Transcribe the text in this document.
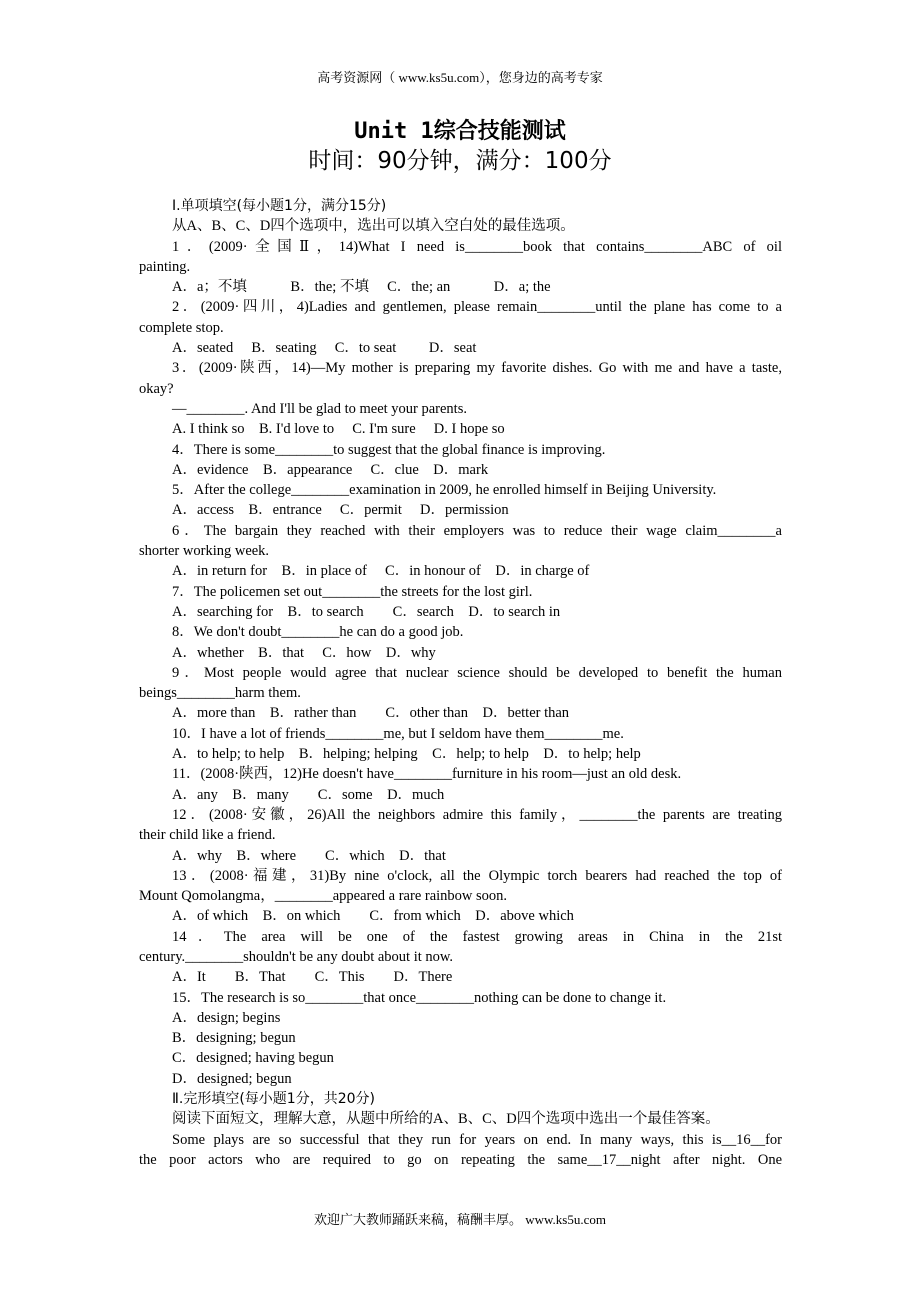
高考资源网（ www.ks5u.com），您身边的高考专家
Unit 1综合技能测试
时间：90分钟，满分：100分
Ⅰ.单项填空(每小题1分，满分15分)
从A、B、C、D四个选项中，选出可以填入空白处的最佳选项。
1．(2009·全国Ⅱ，14)What I need is________book that contains________ABC of oil
painting.
A．a；不填　　　B．the; 不填　 C．the; an　　　D．a; the
2．(2009·四川，4)Ladies and gentlemen, please remain________until the plane has come to a
complete stop.
A．seated　 B．seating　 C．to seat　　 D．seat
3．(2009·陕西，14)—My mother is preparing my favorite dishes. Go with me and have a taste,
okay?
—________. And I'll be glad to meet your parents.
A. I think so　B. I'd love to　 C. I'm sure　 D. I hope so
4．There is some________to suggest that the global finance is improving.
A．evidence　B．appearance　 C．clue　D．mark
5．After the college________examination in 2009, he enrolled himself in Beijing University.
A．access　B．entrance　 C．permit　 D．permission
6．The bargain they reached with their employers was to reduce their wage claim________a
shorter working week.
A．in return for　B．in place of　 C．in honour of　D．in charge of
7．The policemen set out________the streets for the lost girl.
A．searching for　B．to search　　C．search　D．to search in
8．We don't doubt________he can do a good job.
A．whether　B．that　 C．how　D．why
9．Most people would agree that nuclear science should be developed to benefit the human
beings________harm them.
A．more than　B．rather than　　C．other than　D．better than
10．I have a lot of friends________me, but I seldom have them________me.
A．to help; to help　B．helping; helping　C．help; to help　D．to help; help
11．(2008·陕西，12)He doesn't have________furniture in his room—just an old desk.
A．any　B．many　　C．some　D．much
12．(2008·安徽，26)All the neighbors admire this family，________the parents are treating
their child like a friend.
A．why　B．where　　C．which　D．that
13．(2008·福建，31)By nine o'clock, all the Olympic torch bearers had reached the top of
Mount Qomolangma，________appeared a rare rainbow soon.
A．of which　B．on which　　C．from which　D．above which
14．The area will be one of the fastest growing areas in China in the 21st
century.________shouldn't be any doubt about it now.
A．It　　B．That　　C．This　　D．There
15．The research is so________that once________nothing can be done to change it.
A．design; begins
B．designing; begun
C．designed; having begun
D．designed; begun
Ⅱ.完形填空(每小题1分，共20分)
阅读下面短文，理解大意，从题中所给的A、B、C、D四个选项中选出一个最佳答案。
Some plays are so successful that they run for years on end. In many ways, this is__16__for
the poor actors who are required to go on repeating the same__17__night after night. One
欢迎广大教师踊跃来稿，稿酬丰厚。 www.ks5u.com
